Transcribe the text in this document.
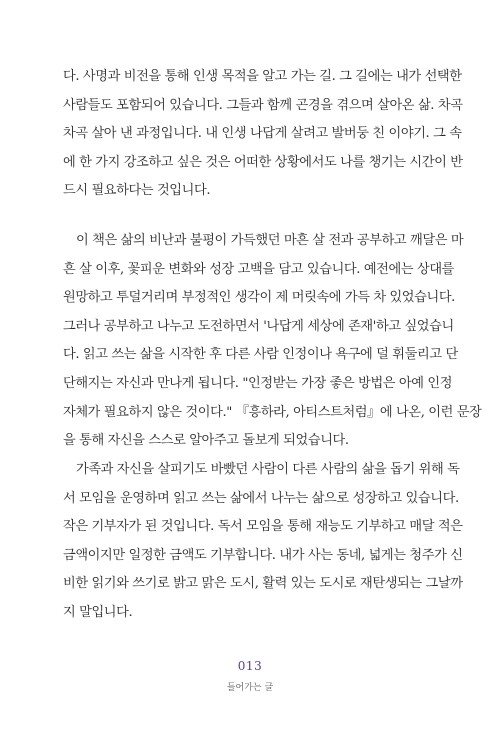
다. 사명과 비전을 통해 인생 목적을 알고 가는 길. 그 길에는 내가 선택한
사람들도 포함되어 있습니다. 그들과 함께 곤경을 겪으며 살아온 삶. 차곡
차곡 살아 낸 과정입니다. 내 인생 나답게 살려고 발버둥 친 이야기. 그 속
에 한 가지 강조하고 싶은 것은 어떠한 상황에서도 나를 챙기는 시간이 반
드시 필요하다는 것입니다.
이 책은 삶의 비난과 불평이 가득했던 마흔 살 전과 공부하고 깨달은 마
흔 살 이후, 꽃피운 변화와 성장 고백을 담고 있습니다. 예전에는 상대를
원망하고 투덜거리며 부정적인 생각이 제 머릿속에 가득 차 있었습니다.
그러나 공부하고 나누고 도전하면서 '나답게 세상에 존재'하고 싶었습니
다. 읽고 쓰는 삶을 시작한 후 다른 사람 인정이나 욕구에 덜 휘둘리고 단
단해지는 자신과 만나게 됩니다. "인정받는 가장 좋은 방법은 아예 인정
자체가 필요하지 않은 것이다." 『흥하라, 아티스트처럼』에 나온, 이런 문장
을 통해 자신을 스스로 알아주고 돌보게 되었습니다.
가족과 자신을 살피기도 바빴던 사람이 다른 사람의 삶을 돕기 위해 독
서 모임을 운영하며 읽고 쓰는 삶에서 나누는 삶으로 성장하고 있습니다.
작은 기부자가 된 것입니다. 독서 모임을 통해 재능도 기부하고 매달 적은
금액이지만 일정한 금액도 기부합니다. 내가 사는 동네, 넓게는 청주가 신
비한 읽기와 쓰기로 밝고 맑은 도시, 활력 있는 도시로 재탄생되는 그날까
지 말입니다.
013
들어가는 글
